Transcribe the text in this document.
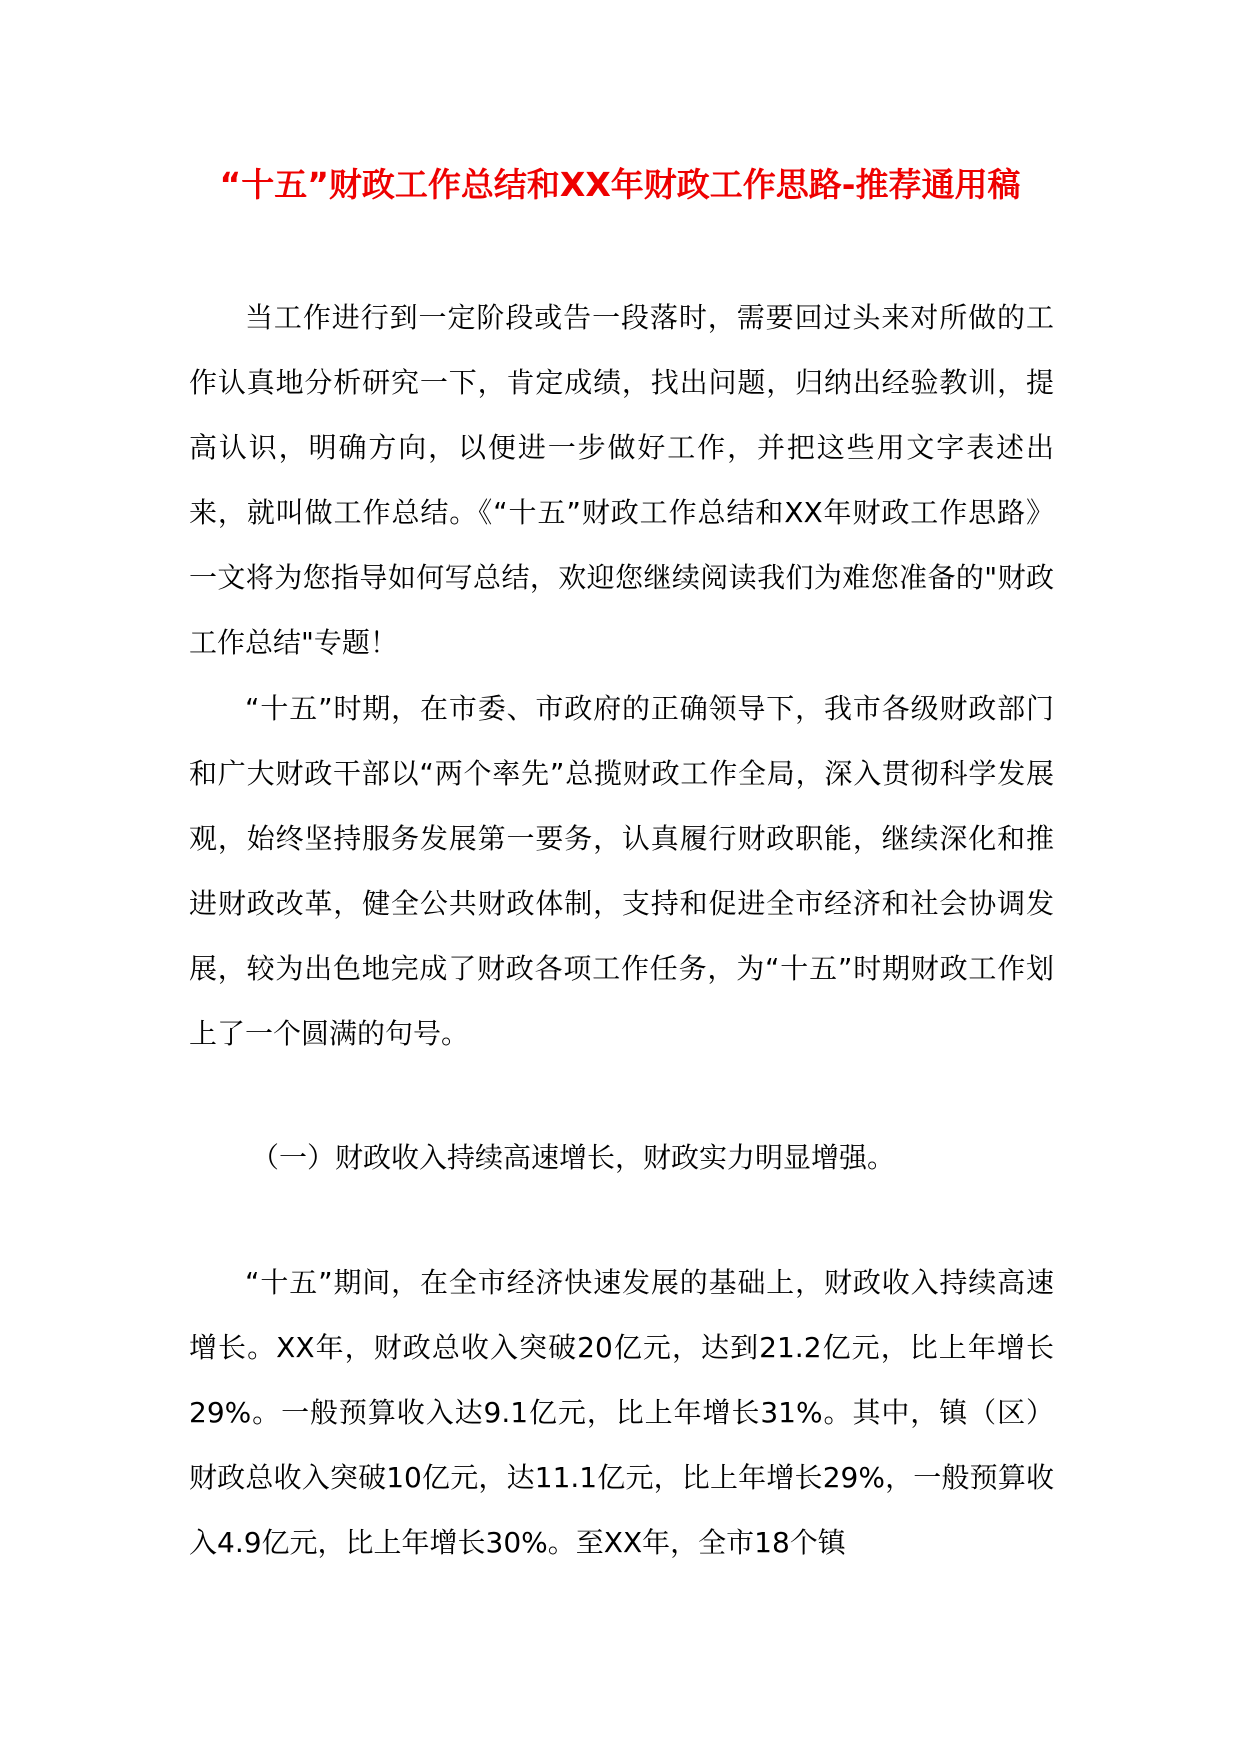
“十五”财政工作总结和XX年财政工作思路-推荐通用稿
当工作进行到一定阶段或告一段落时，需要回过头来对所做的工作认真地分析研究一下，肯定成绩，找出问题，归纳出经验教训，提高认识，明确方向，以便进一步做好工作，并把这些用文字表述出来，就叫做工作总结。《“十五”财政工作总结和XX年财政工作思路》一文将为您指导如何写总结，欢迎您继续阅读我们为难您准备的"财政工作总结"专题！
“十五”时期，在市委、市政府的正确领导下，我市各级财政部门和广大财政干部以“两个率先”总揽财政工作全局，深入贯彻科学发展观，始终坚持服务发展第一要务，认真履行财政职能，继续深化和推进财政改革，健全公共财政体制，支持和促进全市经济和社会协调发展，较为出色地完成了财政各项工作任务，为“十五”时期财政工作划上了一个圆满的句号。
（一）财政收入持续高速增长，财政实力明显增强。
“十五”期间，在全市经济快速发展的基础上，财政收入持续高速增长。XX年，财政总收入突破20亿元，达到21.2亿元，比上年增长29%。一般预算收入达9.1亿元，比上年增长31%。其中，镇（区）财政总收入突破10亿元，达11.1亿元，比上年增长29%，一般预算收入4.9亿元，比上年增长30%。至XX年，全市18个镇
